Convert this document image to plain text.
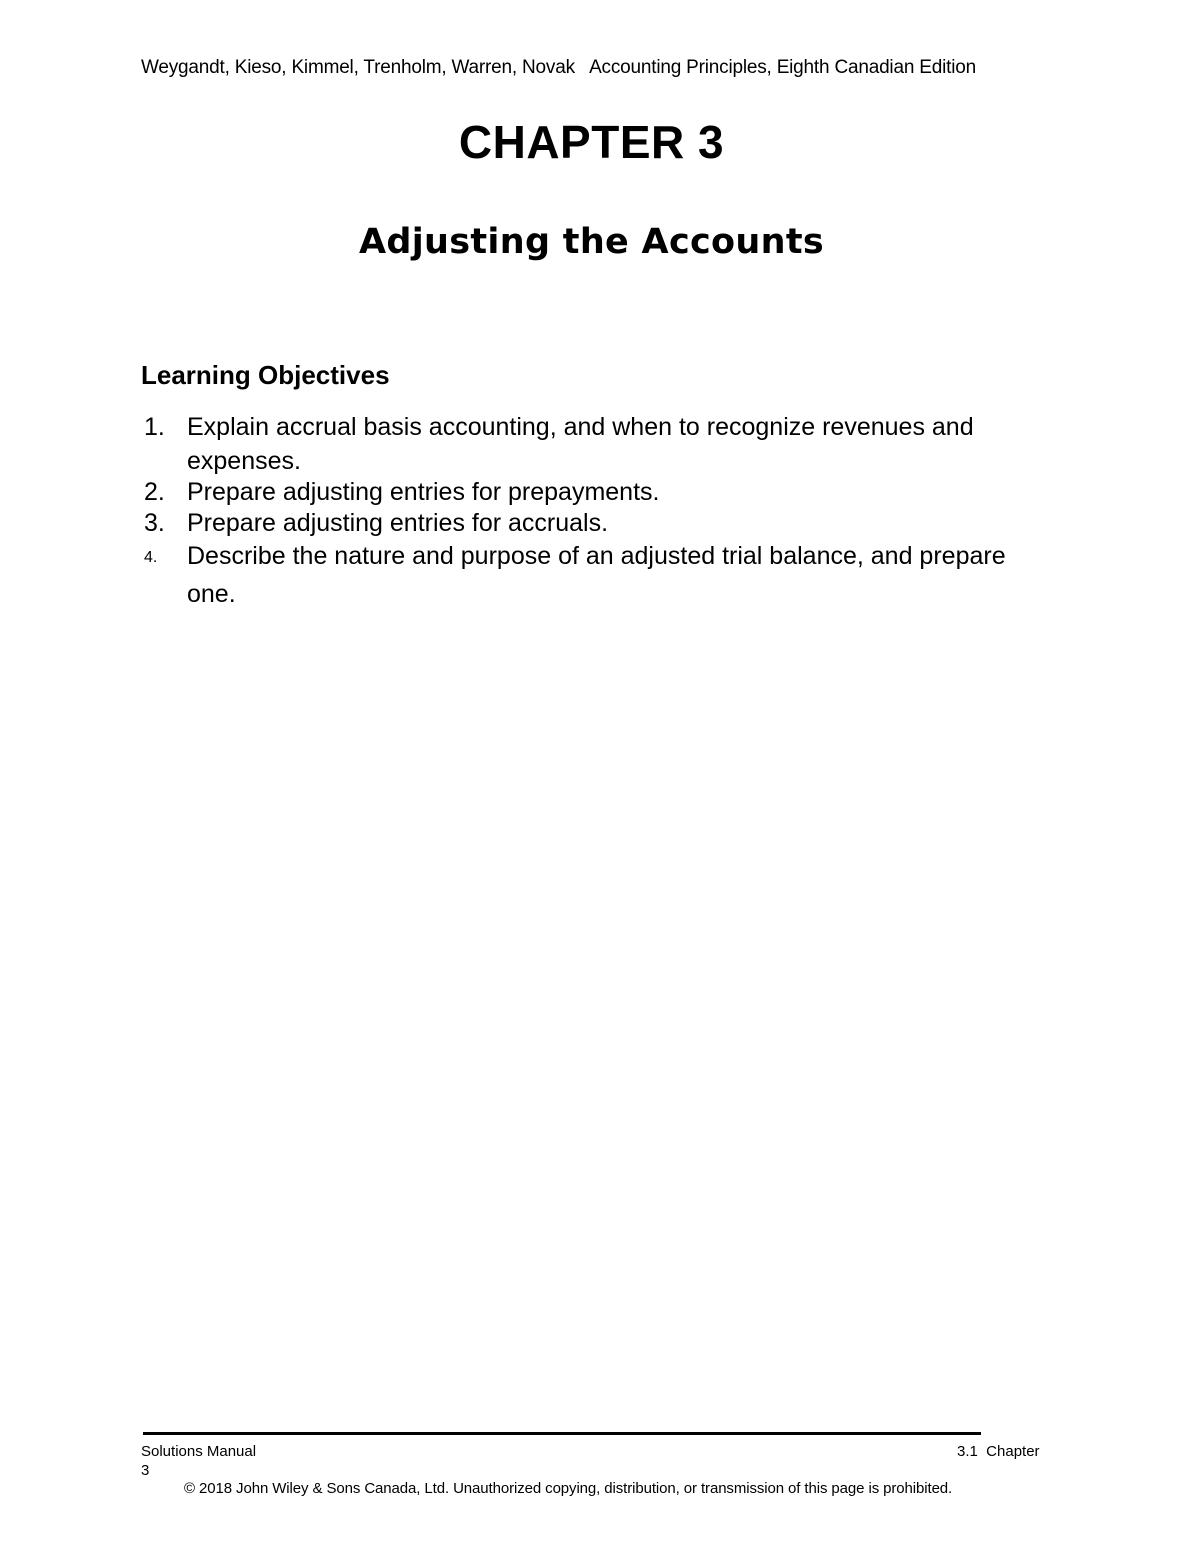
Weygandt, Kieso, Kimmel, Trenholm, Warren, Novak   Accounting Principles, Eighth Canadian Edition
CHAPTER 3
Adjusting the Accounts
Learning Objectives
1. Explain accrual basis accounting, and when to recognize revenues and expenses.
2. Prepare adjusting entries for prepayments.
3. Prepare adjusting entries for accruals.
4. Describe the nature and purpose of an adjusted trial balance, and prepare one.
Solutions Manual	3.1  Chapter
3
© 2018 John Wiley & Sons Canada, Ltd. Unauthorized copying, distribution, or transmission of this page is prohibited.
